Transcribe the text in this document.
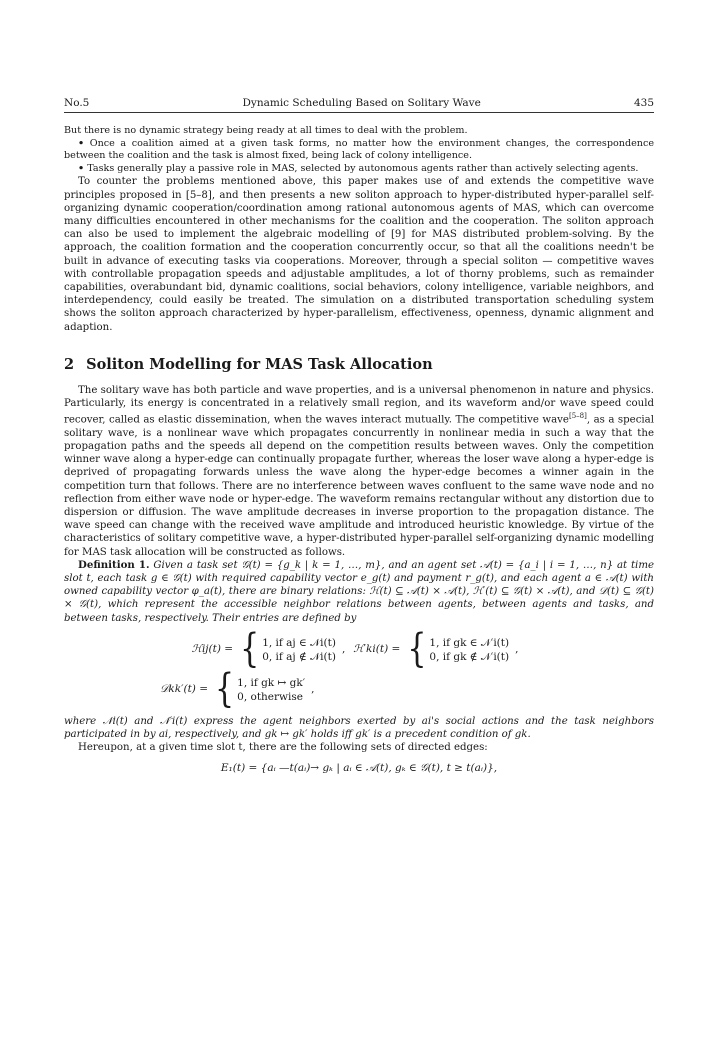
No.5	Dynamic Scheduling Based on Solitary Wave	435

But there is no dynamic strategy being ready at all times to deal with the problem.

• Once a coalition aimed at a given task forms, no matter how the environment changes, the correspondence between the coalition and the task is almost fixed, being lack of colony intelligence.

• Tasks generally play a passive role in MAS, selected by autonomous agents rather than actively selecting agents.

To counter the problems mentioned above, this paper makes use of and extends the competitive wave principles proposed in [5–8], and then presents a new soliton approach to hyper-distributed hyper-parallel self-organizing dynamic cooperation/coordination among rational autonomous agents of MAS, which can overcome many difficulties encountered in other mechanisms for the coalition and the cooperation. The soliton approach can also be used to implement the algebraic modelling of [9] for MAS distributed problem-solving. By the approach, the coalition formation and the cooperation concurrently occur, so that all the coalitions needn't be built in advance of executing tasks via cooperations. Moreover, through a special soliton — competitive waves with controllable propagation speeds and adjustable amplitudes, a lot of thorny problems, such as remainder capabilities, overabundant bid, dynamic coalitions, social behaviors, colony intelligence, variable neighbors, and interdependency, could easily be treated. The simulation on a distributed transportation scheduling system shows the soliton approach characterized by hyper-parallelism, effectiveness, openness, dynamic alignment and adaption.

2 Soliton Modelling for MAS Task Allocation

The solitary wave has both particle and wave properties, and is a universal phenomenon in nature and physics. Particularly, its energy is concentrated in a relatively small region, and its waveform and/or wave speed could recover, called as elastic dissemination, when the waves interact mutually. The competitive wave[5–8], as a special solitary wave, is a nonlinear wave which propagates concurrently in nonlinear media in such a way that the propagation paths and the speeds all depend on the competition results between waves. Only the competition winner wave along a hyper-edge can continually propagate further, whereas the loser wave along a hyper-edge is deprived of propagating forwards unless the wave along the hyper-edge becomes a winner again in the competition turn that follows. There are no interference between waves confluent to the same wave node and no reflection from either wave node or hyper-edge. The waveform remains rectangular without any distortion due to dispersion or diffusion. The wave amplitude decreases in inverse proportion to the propagation distance. The wave speed can change with the received wave amplitude and introduced heuristic knowledge. By virtue of the characteristics of solitary competitive wave, a hyper-distributed hyper-parallel self-organizing dynamic modelling for MAS task allocation will be constructed as follows.

Definition 1. Given a task set 𝒢(t) = {g_k | k = 1, …, m}, and an agent set 𝒜(t) = {a_i | i = 1, …, n} at time slot t, each task g ∈ 𝒢(t) with required capability vector e_g(t) and payment r_g(t), and each agent a ∈ 𝒜(t) with owned capability vector φ_a(t), there are binary relations: ℋ(t) ⊆ 𝒜(t) × 𝒜(t), ℋ′(t) ⊆ 𝒢(t) × 𝒜(t), and 𝒟(t) ⊆ 𝒢(t) × 𝒢(t), which represent the accessible neighbor relations between agents, between agents and tasks, and between tasks, respectively. Their entries are defined by

ℋij(t) = { 1, if aj ∈ 𝒩i(t)
0, if aj ∉ 𝒩i(t)
, ℋ′ki(t) = { 1, if gk ∈ 𝒩′i(t)
0, if gk ∉ 𝒩′i(t)
,
𝒟kk′(t) = { 1, if gk ↦ gk′
0, otherwise
,

where 𝒩i(t) and 𝒩′i(t) express the agent neighbors exerted by ai's social actions and the task neighbors participated in by ai, respectively, and gk ↦ gk′ holds iff gk′ is a precedent condition of gk.

Hereupon, at a given time slot t, there are the following sets of directed edges:

E₁(t) = {aᵢ —t(aᵢ)→ gₖ | aᵢ ∈ 𝒜(t), gₖ ∈ 𝒢(t), t ≥ t(aᵢ)},
